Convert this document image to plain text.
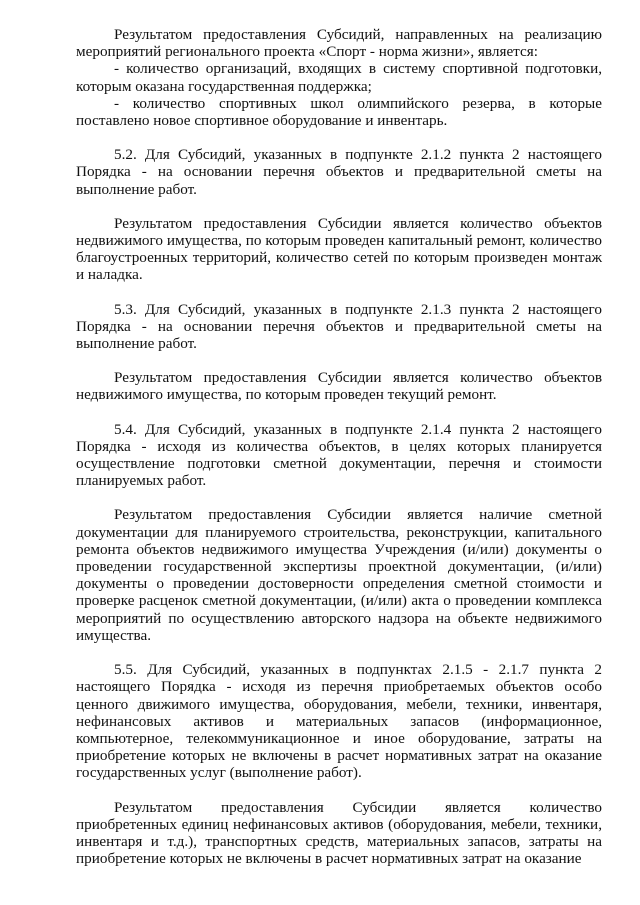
Результатом предоставления Субсидий, направленных на реализацию мероприятий регионального проекта «Спорт - норма жизни», является:

- количество организаций, входящих в систему спортивной подготовки, которым оказана государственная поддержка;

- количество спортивных школ олимпийского резерва, в которые поставлено новое спортивное оборудование и инвентарь.

5.2. Для Субсидий, указанных в подпункте 2.1.2 пункта 2 настоящего Порядка - на основании перечня объектов и предварительной сметы на выполнение работ.

Результатом предоставления Субсидии является количество объектов недвижимого имущества, по которым проведен капитальный ремонт, количество благоустроенных территорий, количество сетей по которым произведен монтаж и наладка.

5.3. Для Субсидий, указанных в подпункте 2.1.3 пункта 2 настоящего Порядка - на основании перечня объектов и предварительной сметы на выполнение работ.

Результатом предоставления Субсидии является количество объектов недвижимого имущества, по которым проведен текущий ремонт.

5.4. Для Субсидий, указанных в подпункте 2.1.4 пункта 2 настоящего Порядка - исходя из количества объектов, в целях которых планируется осуществление подготовки сметной документации, перечня и стоимости планируемых работ.

Результатом предоставления Субсидии является наличие сметной документации для планируемого строительства, реконструкции, капитального ремонта объектов недвижимого имущества Учреждения (и/или) документы о проведении государственной экспертизы проектной документации, (и/или) документы о проведении достоверности определения сметной стоимости и проверке расценок сметной документации, (и/или) акта о проведении комплекса мероприятий по осуществлению авторского надзора на объекте недвижимого имущества.

5.5. Для Субсидий, указанных в подпунктах 2.1.5 - 2.1.7 пункта 2 настоящего Порядка - исходя из перечня приобретаемых объектов особо ценного движимого имущества, оборудования, мебели, техники, инвентаря, нефинансовых активов и материальных запасов (информационное, компьютерное, телекоммуникационное и иное оборудование, затраты на приобретение которых не включены в расчет нормативных затрат на оказание государственных услуг (выполнение работ).

Результатом предоставления Субсидии является количество приобретенных единиц нефинансовых активов (оборудования, мебели, техники, инвентаря и т.д.), транспортных средств, материальных запасов, затраты на приобретение которых не включены в расчет нормативных затрат на оказание
